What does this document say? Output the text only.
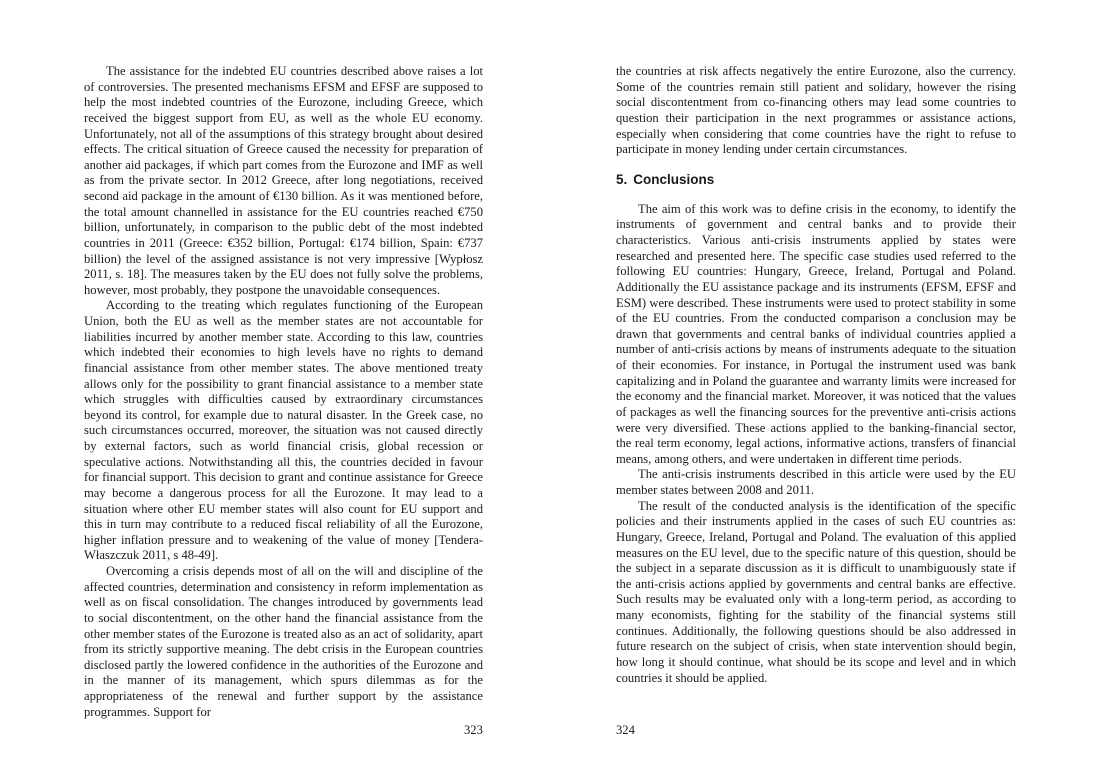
The assistance for the indebted EU countries described above raises a lot of controversies. The presented mechanisms EFSM and EFSF are supposed to help the most indebted countries of the Eurozone, including Greece, which received the biggest support from EU, as well as the whole EU economy. Unfortunately, not all of the assumptions of this strategy brought about desired effects. The critical situation of Greece caused the necessity for preparation of another aid packages, if which part comes from the Eurozone and IMF as well as from the private sector. In 2012 Greece, after long negotiations, received second aid package in the amount of €130 billion. As it was mentioned before, the total amount channelled in assistance for the EU countries reached €750 billion, unfortunately, in comparison to the public debt of the most indebted countries in 2011 (Greece: €352 billion, Portugal: €174 billion, Spain: €737 billion) the level of the assigned assistance is not very impressive [Wypłosz 2011, s. 18]. The measures taken by the EU does not fully solve the problems, however, most probably, they postpone the unavoidable consequences.

According to the treating which regulates functioning of the European Union, both the EU as well as the member states are not accountable for liabilities incurred by another member state. According to this law, countries which indebted their economies to high levels have no rights to demand financial assistance from other member states. The above mentioned treaty allows only for the possibility to grant financial assistance to a member state which struggles with difficulties caused by extraordinary circumstances beyond its control, for example due to natural disaster. In the Greek case, no such circumstances occurred, moreover, the situation was not caused directly by external factors, such as world financial crisis, global recession or speculative actions. Notwithstanding all this, the countries decided in favour for financial support. This decision to grant and continue assistance for Greece may become a dangerous process for all the Eurozone. It may lead to a situation where other EU member states will also count for EU support and this in turn may contribute to a reduced fiscal reliability of all the Eurozone, higher inflation pressure and to weakening of the value of money [Tendera-Właszczuk 2011, s 48-49].

Overcoming a crisis depends most of all on the will and discipline of the affected countries, determination and consistency in reform implementation as well as on fiscal consolidation. The changes introduced by governments lead to social discontentment, on the other hand the financial assistance from the other member states of the Eurozone is treated also as an act of solidarity, apart from its strictly supportive meaning. The debt crisis in the European countries disclosed partly the lowered confidence in the authorities of the Eurozone and in the manner of its management, which spurs dilemmas as for the appropriateness of the renewal and further support by the assistance programmes. Support for

323

the countries at risk affects negatively the entire Eurozone, also the currency. Some of the countries remain still patient and solidary, however the rising social discontentment from co-financing others may lead some countries to question their participation in the next programmes or assistance actions, especially when considering that come countries have the right to refuse to participate in money lending under certain circumstances.

5. Conclusions

The aim of this work was to define crisis in the economy, to identify the instruments of government and central banks and to provide their characteristics. Various anti-crisis instruments applied by states were researched and presented here. The specific case studies used referred to the following EU countries: Hungary, Greece, Ireland, Portugal and Poland. Additionally the EU assistance package and its instruments (EFSM, EFSF and ESM) were described. These instruments were used to protect stability in some of the EU countries. From the conducted comparison a conclusion may be drawn that governments and central banks of individual countries applied a number of anti-crisis actions by means of instruments adequate to the situation of their economies. For instance, in Portugal the instrument used was bank capitalizing and in Poland the guarantee and warranty limits were increased for the economy and the financial market. Moreover, it was noticed that the values of packages as well the financing sources for the preventive anti-crisis actions were very diversified. These actions applied to the banking-financial sector, the real term economy, legal actions, informative actions, transfers of financial means, among others, and were undertaken in different time periods.

The anti-crisis instruments described in this article were used by the EU member states between 2008 and 2011.

The result of the conducted analysis is the identification of the specific policies and their instruments applied in the cases of such EU countries as: Hungary, Greece, Ireland, Portugal and Poland. The evaluation of this applied measures on the EU level, due to the specific nature of this question, should be the subject in a separate discussion as it is difficult to unambiguously state if the anti-crisis actions applied by governments and central banks are effective. Such results may be evaluated only with a long-term period, as according to many economists, fighting for the stability of the financial systems still continues. Additionally, the following questions should be also addressed in future research on the subject of crisis, when state intervention should begin, how long it should continue, what should be its scope and level and in which countries it should be applied.

324
